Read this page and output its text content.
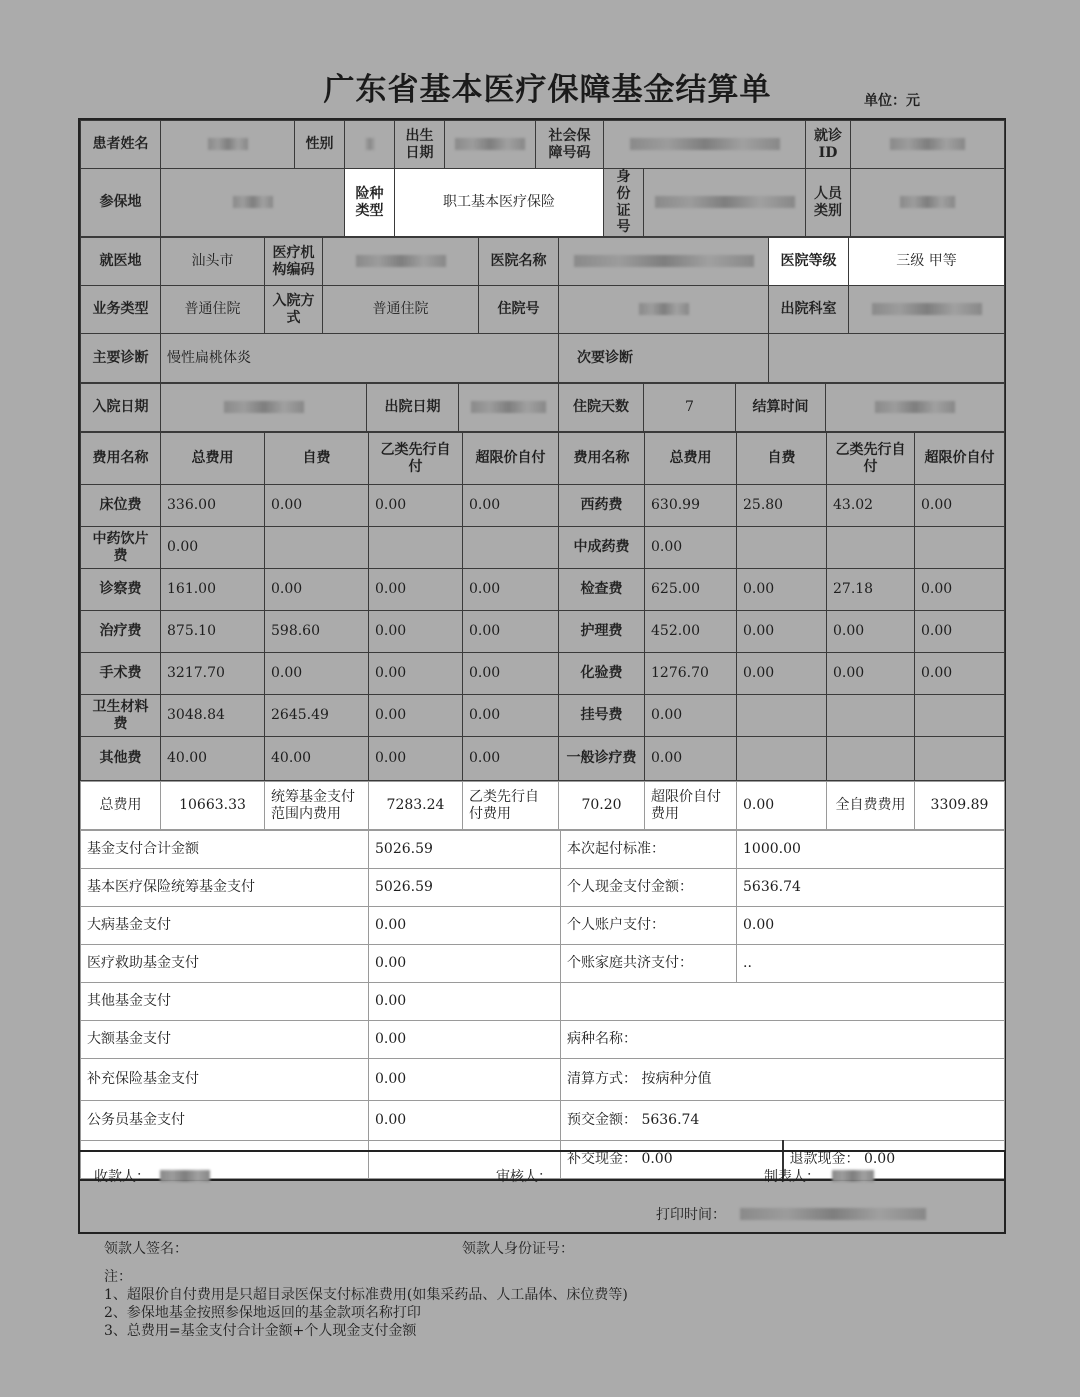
广东省基本医疗保障基金结算单	单位：元
患者姓名		性别		出生日期		社会保障号码			就诊ID	
参保地			险种类型	职工基本医疗保险			身份证号		人员类别	
就医地	汕头市	医疗机构编码		医院名称		医院等级	三级 甲等
业务类型	普通住院	入院方式	普通住院	住院号		出院科室	
主要诊断	慢性扁桃体炎				次要诊断		

入院日期		出院日期		住院天数	7	结算时间	
费用名称	总费用	自费	乙类先行自付	超限价自付	费用名称	总费用	自费	乙类先行自付	超限价自付
床位费	336.00	0.00	0.00	0.00	西药费	630.99	25.80	43.02	0.00
中药饮片费	0.00				中成药费	0.00			
诊察费	161.00	0.00	0.00	0.00	检查费	625.00	0.00	27.18	0.00
治疗费	875.10	598.60	0.00	0.00	护理费	452.00	0.00	0.00	0.00
手术费	3217.70	0.00	0.00	0.00	化验费	1276.70	0.00	0.00	0.00
卫生材料费	3048.84	2645.49	0.00	0.00	挂号费	0.00			
其他费	40.00	40.00	0.00	0.00	一般诊疗费	0.00			
总费用	10663.33	统筹基金支付范围内费用	7283.24	乙类先行自付费用	70.20	超限价自付费用	0.00	全自费费用	3309.89
基金支付合计金额	5026.59	本次起付标准：	1000.00	
基本医疗保险统筹基金支付	5026.59	个人现金支付金额：	5636.74	
大病基金支付	0.00	个人账户支付：	0.00	
医疗救助基金支付	0.00	个账家庭共济支付：	..	
其他基金支付	0.00			
大额基金支付	0.00	病种名称：		
补充保险基金支付	0.00	清算方式： 按病种分值		
公务员基金支付	0.00	预交金额： 5636.74		
		补交现金： 0.00		退款现金： 0.00
收款人：	审核人：	制表人：
打印时间：
领款人签名：	领款人身份证号：
注：
1、超限价自付费用是只超目录医保支付标准费用(如集采药品、人工晶体、床位费等)
2、参保地基金按照参保地返回的基金款项名称打印
3、总费用=基金支付合计金额+个人现金支付金额
